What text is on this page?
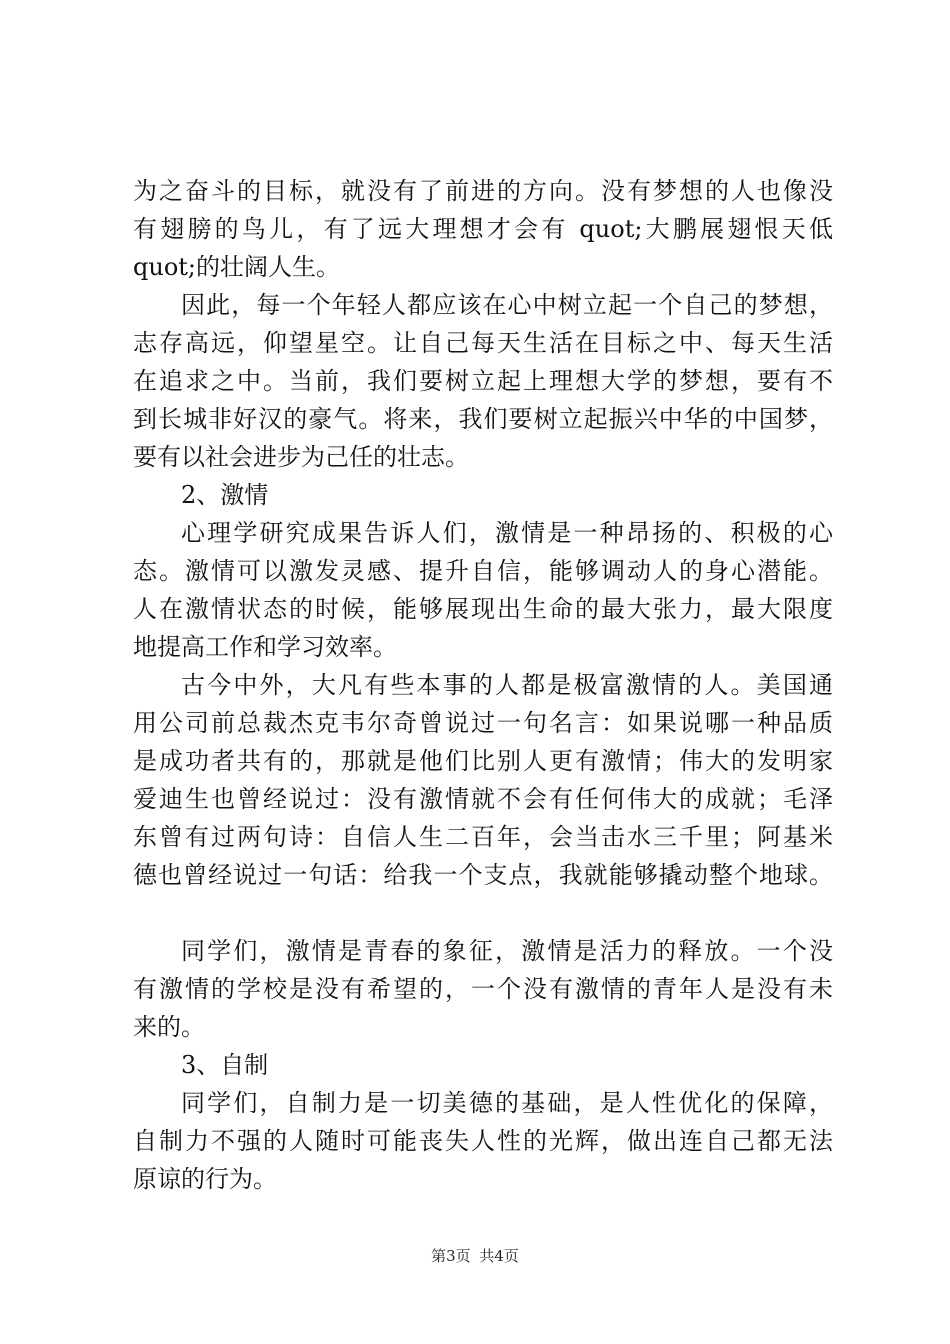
为之奋斗的目标，就没有了前进的方向。没有梦想的人也像没
有翅膀的鸟儿，有了远大理想才会有 quot;大鹏展翅恨天低
quot;的壮阔人生。
因此，每一个年轻人都应该在心中树立起一个自己的梦想，
志存高远，仰望星空。让自己每天生活在目标之中、每天生活
在追求之中。当前，我们要树立起上理想大学的梦想，要有不
到长城非好汉的豪气。将来，我们要树立起振兴中华的中国梦，
要有以社会进步为己任的壮志。
2、激情
心理学研究成果告诉人们，激情是一种昂扬的、积极的心
态。激情可以激发灵感、提升自信，能够调动人的身心潜能。
人在激情状态的时候，能够展现出生命的最大张力，最大限度
地提高工作和学习效率。
古今中外，大凡有些本事的人都是极富激情的人。美国通
用公司前总裁杰克韦尔奇曾说过一句名言：如果说哪一种品质
是成功者共有的，那就是他们比别人更有激情；伟大的发明家
爱迪生也曾经说过：没有激情就不会有任何伟大的成就；毛泽
东曾有过两句诗：自信人生二百年，会当击水三千里；阿基米
德也曾经说过一句话：给我一个支点，我就能够撬动整个地球。
同学们，激情是青春的象征，激情是活力的释放。一个没
有激情的学校是没有希望的，一个没有激情的青年人是没有未
来的。
3、自制
同学们，自制力是一切美德的基础，是人性优化的保障，
自制力不强的人随时可能丧失人性的光辉，做出连自己都无法
原谅的行为。
第3页 共4页
